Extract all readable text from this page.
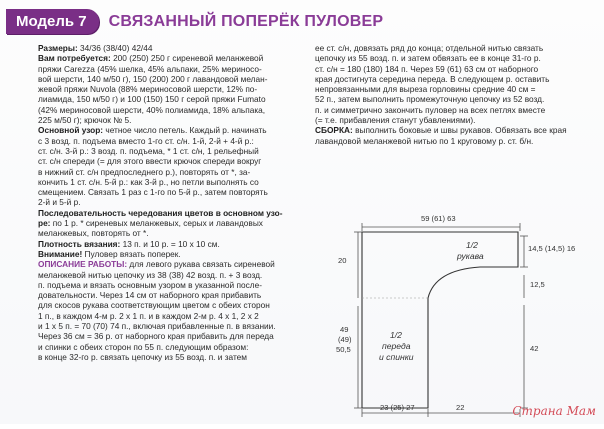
Модель 7	СВЯЗАННЫЙ ПОПЕРЁК ПУЛОВЕР
Размеры: 34/36 (38/40) 42/44
Вам потребуется: 200 (250) 250 г сиреневой меланжевой
пряжи Carezza (45% шелка, 45% альпаки, 25% мериносо-
вой шерсти, 140 м/50 г), 150 (200) 200 г лавандовой мелан-
жевой пряжи Nuvola (88% мериносовой шерсти, 12% по-
лиамида, 150 м/50 г) и 100 (150) 150 г серой пряжи Fumato
(42% мериносовой шерсти, 40% полиамида, 18% альпака,
225 м/50 г); крючок № 5.
Основной узор: четное число петель. Каждый р. начинать
с 3 возд. п. подъема вместо 1-го ст. с/н. 1-й, 2-й + 4-й р.:
ст. с/н. 3-й р.: 3 возд. п. подъема, * 1 ст. с/н, 1 рельефный
ст. с/н спереди (= для этого ввести крючок спереди вокруг
в нижний ст. с/н предпоследнего р.), повторять от *, за-
кончить 1 ст. с/н. 5-й р.: как 3-й р., но петли выполнять со
смещением. Связать 1 раз с 1-го по 5-й р., затем повторять
2-й и 5-й р.
Последовательность чередования цветов в основном узо-
ре: по 1 р. * сиреневых меланжевых, серых и лавандовых
меланжевых, повторять от *.
Плотность вязания: 13 п. и 10 р. = 10 х 10 см.
Внимание! Пуловер вязать поперек.
ОПИСАНИЕ РАБОТЫ: для левого рукава связать сиреневой
меланжевой нитью цепочку из 38 (38) 42 возд. п. + 3 возд.
п. подъема и вязать основным узором в указанной после-
довательности. Через 14 см от наборного края прибавить
для скосов рукава соответствующим цветом с обеих сторон
1 п., в каждом 4-м р. 2 х 1 п. и в каждом 2-м р. 4 х 1, 2 х 2
и 1 х 5 п. = 70 (70) 74 п., включая прибавленные п. в вязании.
Через 36 см = 36 р. от наборного края прибавить для переда
и спинки с обеих сторон по 55 п. следующим образом:
в конце 32-го р. связать цепочку из 55 возд. п. и затем
ее ст. с/н, довязать ряд до конца; отдельной нитью связать
цепочку из 55 возд. п. и затем обвязать ее в конце 31-го р.
ст. с/н = 180 (180) 184 п. Через 59 (61) 63 см от наборного
края достигнута середина переда. В следующем р. оставить
непровязанными для выреза горловины средние 40 см =
52 п., затем выполнить промежуточную цепочку из 52 возд.
п. и симметрично закончить пуловер на всех петлях вместе
(= т.е. прибавления станут убавлениями).
СБОРКА: выполнить боковые и швы рукавов. Обвязать все края
лавандовой меланжевой нитью по 1 круговому р. ст. б/н.
59 (61) 63
1/2
рукава
14,5 (14,5) 16
20
12,5
49
(49)
50,5
1/2
переда
и спинки
42
23 (25) 27	22	Страна Мам
